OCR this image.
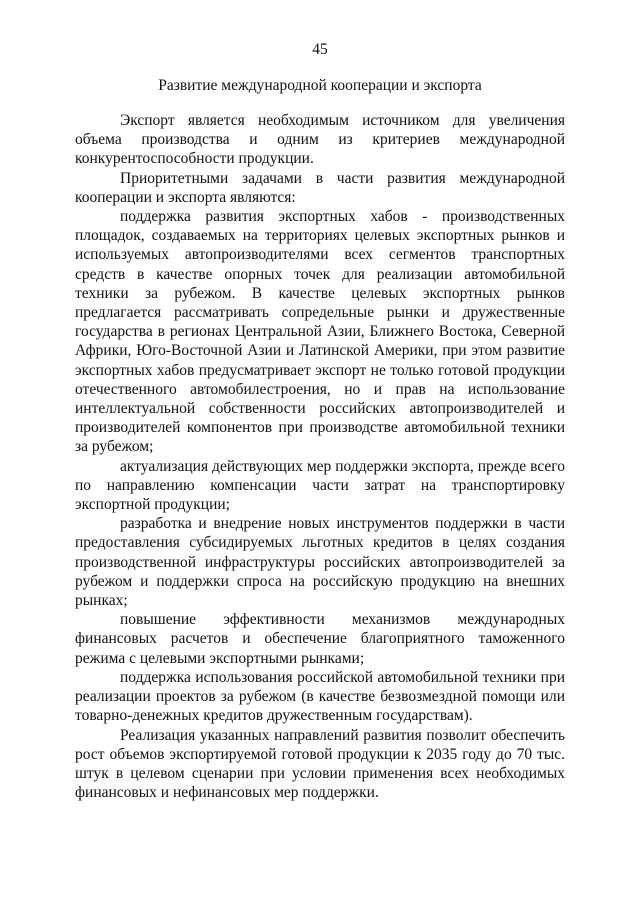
45
Развитие международной кооперации и экспорта

Экспорт является необходимым источником для увеличения объема производства и одним из критериев международной конкурентоспособности продукции.

Приоритетными задачами в части развития международной кооперации и экспорта являются:

поддержка развития экспортных хабов - производственных площадок, создаваемых на территориях целевых экспортных рынков и используемых автопроизводителями всех сегментов транспортных средств в качестве опорных точек для реализации автомобильной техники за рубежом. В качестве целевых экспортных рынков предлагается рассматривать сопредельные рынки и дружественные государства в регионах Центральной Азии, Ближнего Востока, Северной Африки, Юго-Восточной Азии и Латинской Америки, при этом развитие экспортных хабов предусматривает экспорт не только готовой продукции отечественного автомобилестроения, но и прав на использование интеллектуальной собственности российских автопроизводителей и производителей компонентов при производстве автомобильной техники за рубежом;

актуализация действующих мер поддержки экспорта, прежде всего по направлению компенсации части затрат на транспортировку экспортной продукции;

разработка и внедрение новых инструментов поддержки в части предоставления субсидируемых льготных кредитов в целях создания производственной инфраструктуры российских автопроизводителей за рубежом и поддержки спроса на российскую продукцию на внешних рынках;

повышение эффективности механизмов международных финансовых расчетов и обеспечение благоприятного таможенного режима с целевыми экспортными рынками;

поддержка использования российской автомобильной техники при реализации проектов за рубежом (в качестве безвозмездной помощи или товарно-денежных кредитов дружественным государствам).

Реализация указанных направлений развития позволит обеспечить рост объемов экспортируемой готовой продукции к 2035 году до 70 тыс. штук в целевом сценарии при условии применения всех необходимых финансовых и нефинансовых мер поддержки.
